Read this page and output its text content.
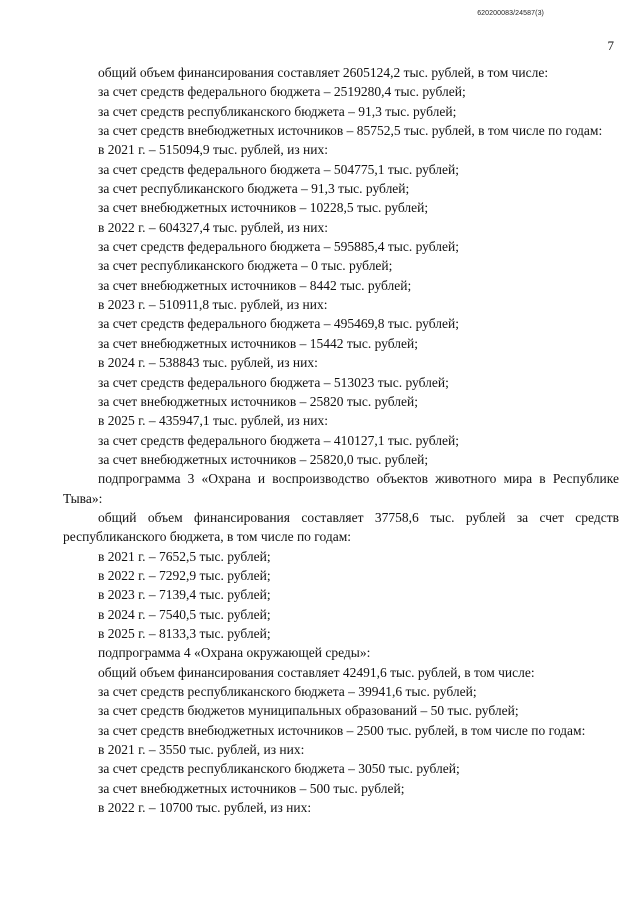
620200083/24587(3)
7

общий объем финансирования составляет 2605124,2 тыс. рублей, в том числе:

за счет средств федерального бюджета – 2519280,4 тыс. рублей;

за счет средств республиканского бюджета – 91,3 тыс. рублей;

за счет средств внебюджетных источников – 85752,5 тыс. рублей, в том числе по годам:

в 2021 г. – 515094,9 тыс. рублей, из них:

за счет средств федерального бюджета – 504775,1 тыс. рублей;

за счет республиканского бюджета – 91,3 тыс. рублей;

за счет внебюджетных источников – 10228,5 тыс. рублей;

в 2022 г. – 604327,4 тыс. рублей, из них:

за счет средств федерального бюджета – 595885,4 тыс. рублей;

за счет республиканского бюджета – 0 тыс. рублей;

за счет внебюджетных источников – 8442 тыс. рублей;

в 2023 г. – 510911,8 тыс. рублей, из них:

за счет средств федерального бюджета – 495469,8 тыс. рублей;

за счет внебюджетных источников – 15442 тыс. рублей;

в 2024 г. – 538843 тыс. рублей, из них:

за счет средств федерального бюджета – 513023 тыс. рублей;

за счет внебюджетных источников – 25820 тыс. рублей;

в 2025 г. – 435947,1 тыс. рублей, из них:

за счет средств федерального бюджета – 410127,1 тыс. рублей;

за счет внебюджетных источников – 25820,0 тыс. рублей;

подпрограмма 3 «Охрана и воспроизводство объектов животного мира в Республике Тыва»:

общий объем финансирования составляет 37758,6 тыс. рублей за счет средств республиканского бюджета, в том числе по годам:

в 2021 г. – 7652,5 тыс. рублей;

в 2022 г. – 7292,9 тыс. рублей;

в 2023 г. – 7139,4 тыс. рублей;

в 2024 г. – 7540,5 тыс. рублей;

в 2025 г. – 8133,3 тыс. рублей;

подпрограмма 4 «Охрана окружающей среды»:

общий объем финансирования составляет 42491,6 тыс. рублей, в том числе:

за счет средств республиканского бюджета – 39941,6 тыс. рублей;

за счет средств бюджетов муниципальных образований – 50 тыс. рублей;

за счет средств внебюджетных источников – 2500 тыс. рублей, в том числе по годам:

в 2021 г. – 3550 тыс. рублей, из них:

за счет средств республиканского бюджета – 3050 тыс. рублей;

за счет внебюджетных источников – 500 тыс. рублей;

в 2022 г. – 10700 тыс. рублей, из них:
